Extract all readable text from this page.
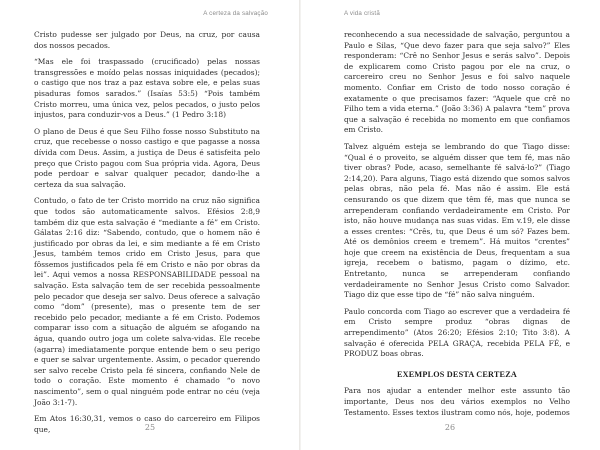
A certeza da salvação

Cristo pudesse ser julgado por Deus, na cruz, por causa dos nossos pecados.

“Mas ele foi traspassado (crucificado) pelas nossas transgressões e moído pelas nossas iniquidades (pecados); o castigo que nos traz a paz estava sobre ele, e pelas suas pisaduras fomos sarados.” (Isaías 53:5) “Pois também Cristo morreu, uma única vez, pelos pecados, o justo pelos injustos, para conduzir-vos a Deus.” (1 Pedro 3:18)

O plano de Deus é que Seu Filho fosse nosso Substituto na cruz, que recebesse o nosso castigo e que pagasse a nossa dívida com Deus. Assim, a justiça de Deus é satisfeita pelo preço que Cristo pagou com Sua própria vida. Agora, Deus pode perdoar e salvar qualquer pecador, dando-lhe a certeza da sua salvação.

Contudo, o fato de ter Cristo morrido na cruz não significa que todos são automaticamente salvos. Efésios 2:8,9 também diz que esta salvação é “mediante a fé” em Cristo. Gálatas 2:16 diz: “Sabendo, contudo, que o homem não é justificado por obras da lei, e sim mediante a fé em Cristo Jesus, também temos crido em Cristo Jesus, para que fôssemos justificados pela fé em Cristo e não por obras da lei”. Aqui vemos a nossa RESPONSABILIDADE pessoal na salvação. Esta salvação tem de ser recebida pessoalmente pelo pecador que deseja ser salvo. Deus oferece a salvação como “dom” (presente), mas o presente tem de ser recebido pelo pecador, mediante a fé em Cristo. Podemos comparar isso com a situação de alguém se afogando na água, quando outro joga um colete salva-vidas. Ele recebe (agarra) imediatamente porque entende bem o seu perigo e quer se salvar urgentemente. Assim, o pecador querendo ser salvo recebe Cristo pela fé sincera, confiando Nele de todo o coração. Este momento é chamado “o novo nascimento”, sem o qual ninguém pode entrar no céu (veja João 3:1-7).

Em Atos 16:30,31, vemos o caso do carcereiro em Filipos que,	25
A vida cristã

reconhecendo a sua necessidade de salvação, perguntou a Paulo e Silas, “Que devo fazer para que seja salvo?” Eles responderam: “Crê no Senhor Jesus e serás salvo”. Depois de explicarem como Cristo pagou por ele na cruz, o carcereiro creu no Senhor Jesus e foi salvo naquele momento. Confiar em Cristo de todo nosso coração é exatamente o que precisamos fazer: “Aquele que crê no Filho tem a vida eterna.” (João 3:36) A palavra “tem” prova que a salvação é recebida no momento em que confiamos em Cristo.

Talvez alguém esteja se lembrando do que Tiago disse: “Qual é o proveito, se alguém disser que tem fé, mas não tiver obras? Pode, acaso, semelhante fé salvá-lo?” (Tiago 2:14,20). Para alguns, Tiago está dizendo que somos salvos pelas obras, não pela fé. Mas não é assim. Ele está censurando os que dizem que têm fé, mas que nunca se arrependeram confiando verdadeiramente em Cristo. Por isto, não houve mudança nas suas vidas. Em v.19, ele disse a esses crentes: “Crês, tu, que Deus é um só? Fazes bem. Até os demônios creem e tremem”. Há muitos “crentes” hoje que creem na existência de Deus, frequentam a sua igreja, recebem o batismo, pagam o dízimo, etc. Entretanto, nunca se arrependeram confiando verdadeiramente no Senhor Jesus Cristo como Salvador. Tiago diz que esse tipo de “fé” não salva ninguém.

Paulo concorda com Tiago ao escrever que a verdadeira fé em Cristo sempre produz “obras dignas de arrependimento” (Atos 26:20; Efésios 2:10; Tito 3:8). A salvação é oferecida PELA GRAÇA, recebida PELA FÉ, e PRODUZ boas obras.

EXEMPLOS DESTA CERTEZA

Para nos ajudar a entender melhor este assunto tão importante, Deus nos deu vários exemplos no Velho Testamento. Esses textos ilustram como nós, hoje, podemos

26
